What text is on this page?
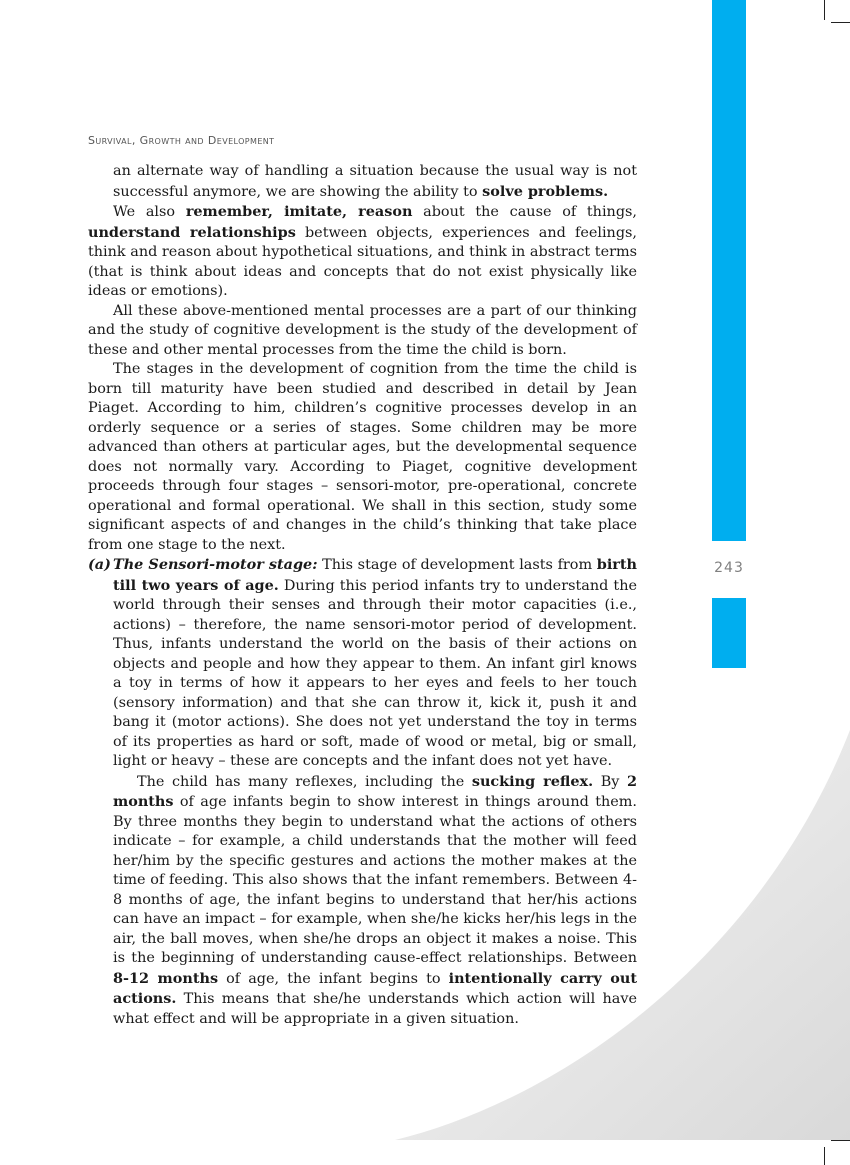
243
Survival, Growth and Development

an alternate way of handling a situation because the usual way is not successful anymore, we are showing the ability to solve problems.

We also remember, imitate, reason about the cause of things, understand relationships between objects, experiences and feelings, think and reason about hypothetical situations, and think in abstract terms (that is think about ideas and concepts that do not exist physically like ideas or emotions).

All these above-mentioned mental processes are a part of our thinking and the study of cognitive development is the study of the development of these and other mental processes from the time the child is born.

The stages in the development of cognition from the time the child is born till maturity have been studied and described in detail by Jean Piaget. According to him, children’s cognitive processes develop in an orderly sequence or a series of stages. Some children may be more advanced than others at particular ages, but the developmental sequence does not normally vary. According to Piaget, cognitive development proceeds through four stages – sensori-motor, pre-operational, concrete operational and formal operational. We shall in this section, study some significant aspects of and changes in the child’s thinking that take place from one stage to the next.

(a) The Sensori-motor stage: This stage of development lasts from birth till two years of age. During this period infants try to understand the world through their senses and through their motor capacities (i.e., actions) – therefore, the name sensori-motor period of development. Thus, infants understand the world on the basis of their actions on objects and people and how they appear to them. An infant girl knows a toy in terms of how it appears to her eyes and feels to her touch (sensory information) and that she can throw it, kick it, push it and bang it (motor actions). She does not yet understand the toy in terms of its properties as hard or soft, made of wood or metal, big or small, light or heavy – these are concepts and the infant does not yet have.

The child has many reflexes, including the sucking reflex. By 2 months of age infants begin to show interest in things around them. By three months they begin to understand what the actions of others indicate – for example, a child understands that the mother will feed her/him by the specific gestures and actions the mother makes at the time of feeding. This also shows that the infant remembers. Between 4-8 months of age, the infant begins to understand that her/his actions can have an impact – for example, when she/he kicks her/his legs in the air, the ball moves, when she/he drops an object it makes a noise. This is the beginning of understanding cause-effect relationships. Between 8-12 months of age, the infant begins to intentionally carry out actions. This means that she/he understands which action will have what effect and will be appropriate in a given situation.
